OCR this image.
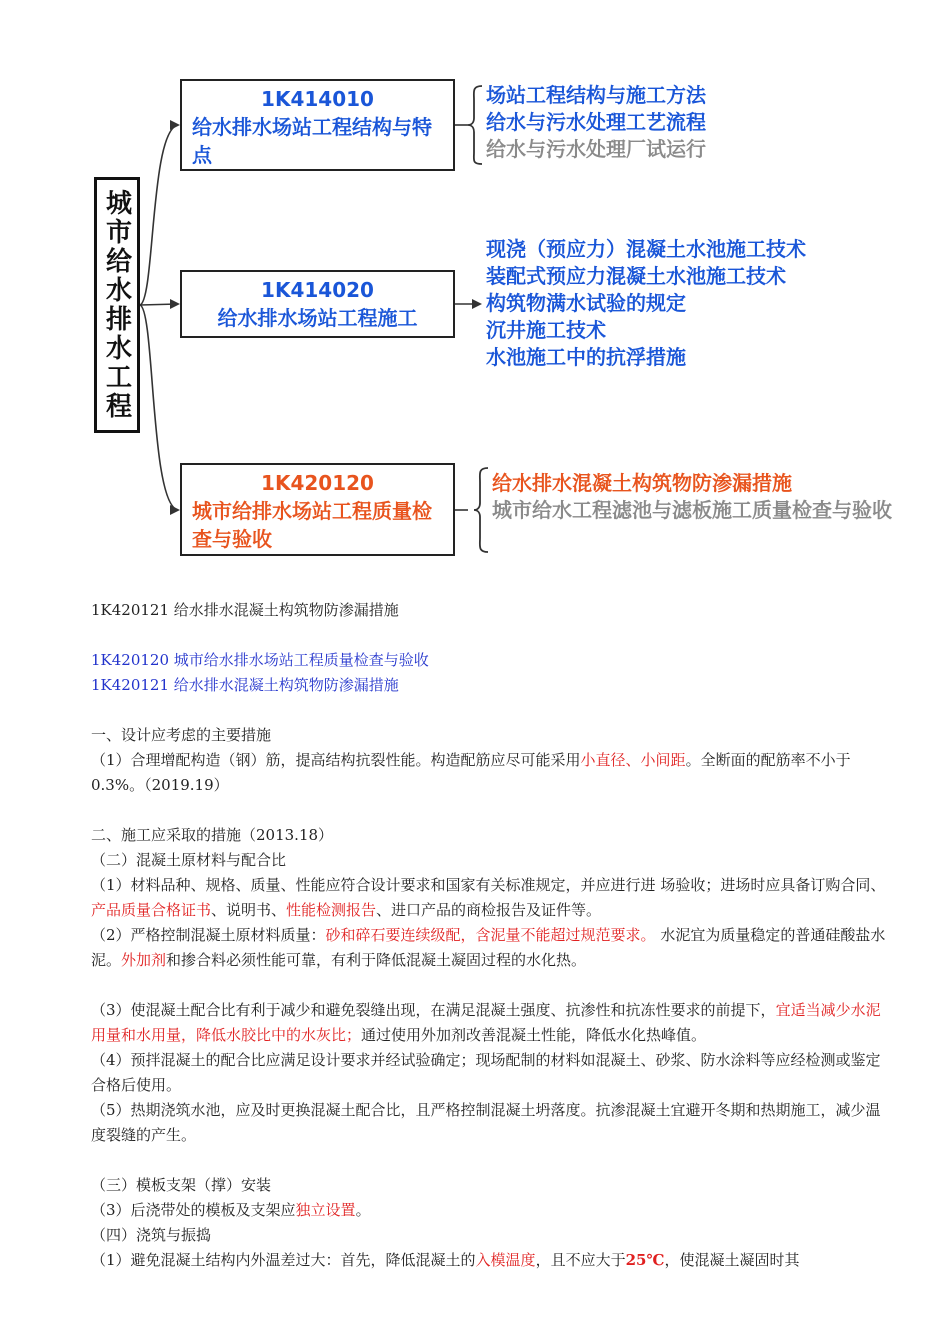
城市给水排水工程
1K414010
给水排水场站工程结构与特点
1K414020
给水排水场站工程施工
1K420120
城市给排水场站工程质量检查与验收
场站工程结构与施工方法
给水与污水处理工艺流程
给水与污水处理厂试运行
现浇（预应力）混凝土水池施工技术
装配式预应力混凝土水池施工技术
构筑物满水试验的规定
沉井施工技术
水池施工中的抗浮措施
给水排水混凝土构筑物防渗漏措施
城市给水工程滤池与滤板施工质量检查与验收

1K420121 给水排水混凝土构筑物防渗漏措施

1K420120 城市给水排水场站工程质量检查与验收

1K420121 给水排水混凝土构筑物防渗漏措施

一、设计应考虑的主要措施

（1）合理增配构造（钢）筋，提高结构抗裂性能。构造配筋应尽可能采用小直径、小间距。全断面的配筋率不小于 0.3%。（2019.19）

二、施工应采取的措施（2013.18）

（二）混凝土原材料与配合比

（1）材料品种、规格、质量、性能应符合设计要求和国家有关标准规定，并应进行进 场验收；进场时应具备订购合同、产品质量合格证书、说明书、性能检测报告、进口产品的商检报告及证件等。

（2）严格控制混凝土原材料质量：砂和碎石要连续级配，含泥量不能超过规范要求。 水泥宜为质量稳定的普通硅酸盐水泥。外加剂和掺合料必须性能可靠，有利于降低混凝土凝固过程的水化热。

（3）使混凝土配合比有利于减少和避免裂缝出现，在满足混凝土强度、抗渗性和抗冻性要求的前提下，宜适当减少水泥用量和水用量，降低水胶比中的水灰比；通过使用外加剂改善混凝土性能，降低水化热峰值。

（4）预拌混凝土的配合比应满足设计要求并经试验确定；现场配制的材料如混凝土、砂浆、防水涂料等应经检测或鉴定合格后使用。

（5）热期浇筑水池，应及时更换混凝土配合比，且严格控制混凝土坍落度。抗渗混凝土宜避开冬期和热期施工，减少温度裂缝的产生。

（三）模板支架（撑）安装

（3）后浇带处的模板及支架应独立设置。

（四）浇筑与振捣

（1）避免混凝土结构内外温差过大：首先，降低混凝土的入模温度，且不应大于25℃，使混凝土凝固时其
